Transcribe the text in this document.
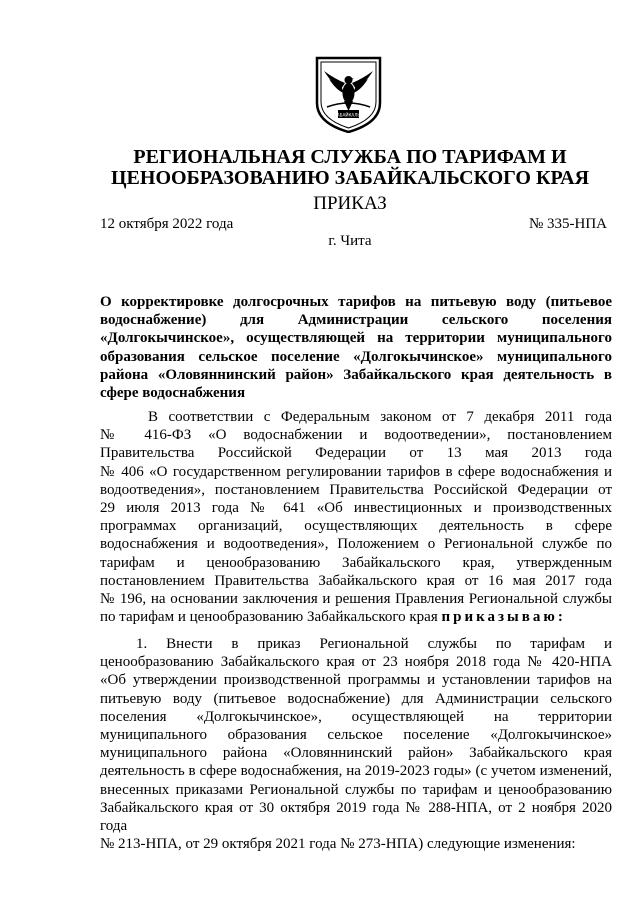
ЗАБАЙКАЛЬЕ
РЕГИОНАЛЬНАЯ СЛУЖБА ПО ТАРИФАМ И
ЦЕНООБРАЗОВАНИЮ ЗАБАЙКАЛЬСКОГО КРАЯ
ПРИКАЗ
12 октября 2022 года	№ 335-НПА
г. Чита
О корректировке долгосрочных тарифов на питьевую воду (питьевое
водоснабжение) для Администрации сельского поселения
«Долгокычинское», осуществляющей на территории муниципального
образования сельское поселение «Долгокычинское» муниципального
района «Оловяннинский район» Забайкальского края деятельность в
сфере водоснабжения
В соответствии с Федеральным законом от 7 декабря 2011 года
№ 416-ФЗ «О водоснабжении и водоотведении», постановлением
Правительства Российской Федерации от 13 мая 2013 года
№ 406 «О государственном регулировании тарифов в сфере водоснабжения и
водоотведения», постановлением Правительства Российской Федерации от
29 июля 2013 года № 641 «Об инвестиционных и производственных
программах организаций, осуществляющих деятельность в сфере
водоснабжения и водоотведения», Положением о Региональной службе по
тарифам и ценообразованию Забайкальского края, утвержденным
постановлением Правительства Забайкальского края от 16 мая 2017 года
№ 196, на основании заключения и решения Правления Региональной службы
по тарифам и ценообразованию Забайкальского края приказываю:
1. Внести в приказ Региональной службы по тарифам и
ценообразованию Забайкальского края от 23 ноября 2018 года № 420-НПА
«Об утверждении производственной программы и установлении тарифов на
питьевую воду (питьевое водоснабжение) для Администрации сельского
поселения «Долгокычинское», осуществляющей на территории
муниципального образования сельское поселение «Долгокычинское»
муниципального района «Оловяннинский район» Забайкальского края
деятельность в сфере водоснабжения, на 2019-2023 годы» (с учетом изменений,
внесенных приказами Региональной службы по тарифам и ценообразованию
Забайкальского края от 30 октября 2019 года № 288-НПА, от 2 ноября 2020 года
№ 213-НПА, от 29 октября 2021 года № 273-НПА) следующие изменения:
